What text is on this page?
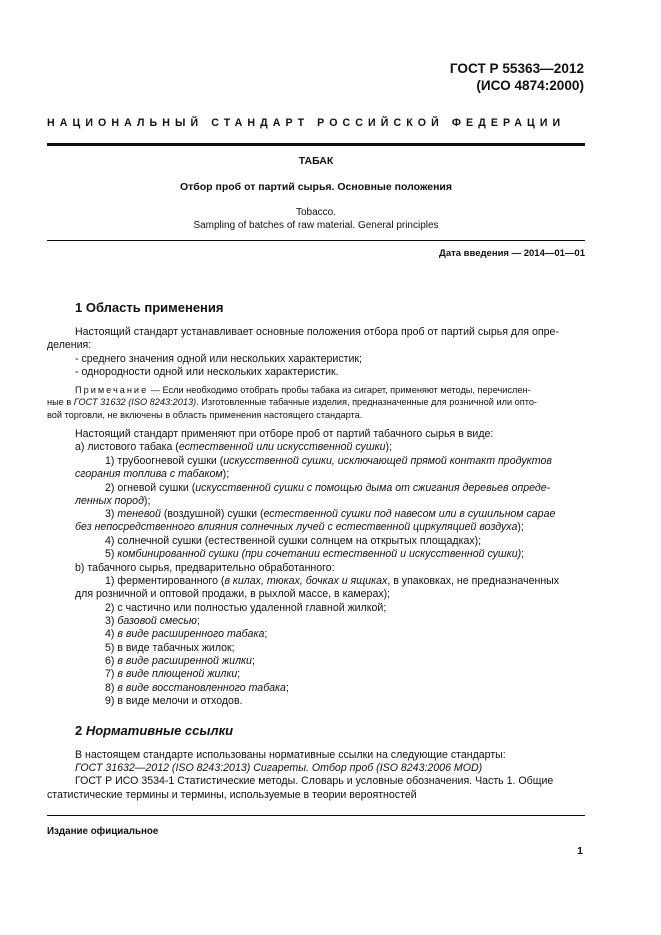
ГОСТ Р 55363—2012
(ИСО 4874:2000)
НАЦИОНАЛЬНЫЙ СТАНДАРТ РОССИЙСКОЙ ФЕДЕРАЦИИ
ТАБАК
Отбор проб от партий сырья. Основные положения
Tobacco.
Sampling of batches of raw material. General principles
Дата введения — 2014—01—01
1 Область применения
Настоящий стандарт устанавливает основные положения отбора проб от партий сырья для опре-
деления:
- среднего значения одной или нескольких характеристик;
- однородности одной или нескольких характеристик.
Примечание — Если необходимо отобрать пробы табака из сигарет, применяют методы, перечислен-
ные в ГОСТ 31632 (ISO 8243:2013). Изготовленные табачные изделия, предназначенные для розничной или опто-
вой торговли, не включены в область применения настоящего стандарта.
Настоящий стандарт применяют при отборе проб от партий табачного сырья в виде:
a) листового табака (естественной или искусственной сушки);
1) трубоогневой сушки (искусственной сушки, исключающей прямой контакт продуктов
сгорания топлива с табаком);
2) огневой сушки (искусственной сушки с помощью дыма от сжигания деревьев опреде-
ленных пород);
3) теневой (воздушной) сушки (естественной сушки под навесом или в сушильном сарае
без непосредственного влияния солнечных лучей с естественной циркуляцией воздуха);
4) солнечной сушки (естественной сушки солнцем на открытых площадках);
5) комбинированной сушки (при сочетании естественной и искусственной сушки);
b) табачного сырья, предварительно обработанного:
1) ферментированного (в килах, тюках, бочках и ящиках, в упаковках, не предназначенных
для розничной и оптовой продажи, в рыхлой массе, в камерах);
2) с частично или полностью удаленной главной жилкой;
3) базовой смесью;
4) в виде расширенного табака;
5) в виде табачных жилок;
6) в виде расширенной жилки;
7) в виде плющеной жилки;
8) в виде восстановленного табака;
9) в виде мелочи и отходов.
2 Нормативные ссылки
В настоящем стандарте использованы нормативные ссылки на следующие стандарты:
ГОСТ 31632—2012 (ISO 8243:2013) Сигареты. Отбор проб (ISO 8243:2006 MOD)
ГОСТ Р ИСО 3534-1 Статистические методы. Словарь и условные обозначения. Часть 1. Общие
статистические термины и термины, используемые в теории вероятностей
Издание официальное
1
